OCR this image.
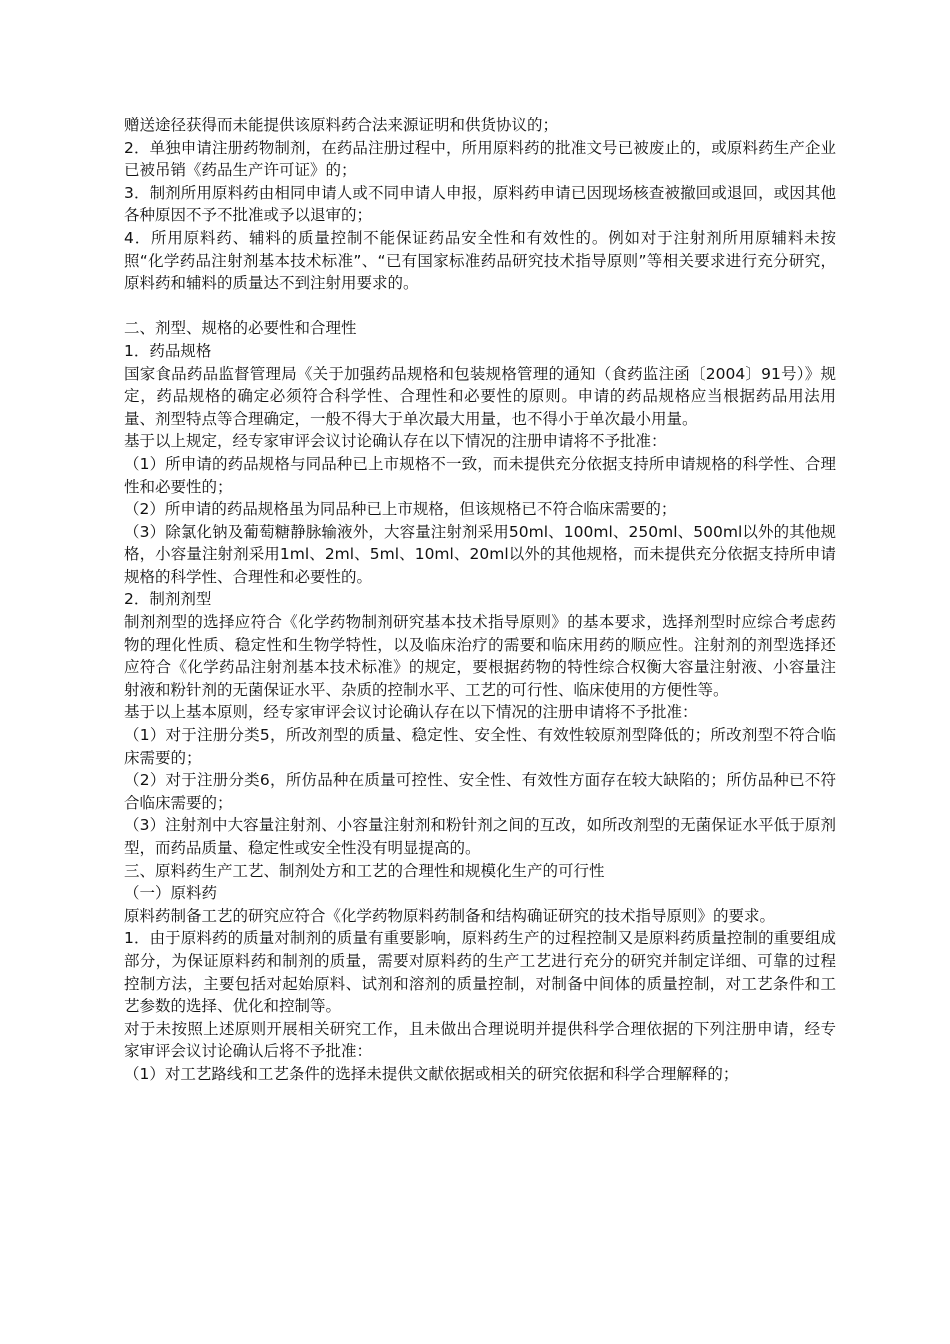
赠送途径获得而未能提供该原料药合法来源证明和供货协议的；

2．单独申请注册药物制剂，在药品注册过程中，所用原料药的批准文号已被废止的，或原料药生产企业已被吊销《药品生产许可证》的；

3．制剂所用原料药由相同申请人或不同申请人申报，原料药申请已因现场核查被撤回或退回，或因其他各种原因不予不批准或予以退审的；

4．所用原料药、辅料的质量控制不能保证药品安全性和有效性的。例如对于注射剂所用原辅料未按照“化学药品注射剂基本技术标准”、“已有国家标准药品研究技术指导原则”等相关要求进行充分研究，原料药和辅料的质量达不到注射用要求的。

二、剂型、规格的必要性和合理性

1．药品规格

国家食品药品监督管理局《关于加强药品规格和包装规格管理的通知（食药监注函〔2004〕91号）》规定，药品规格的确定必须符合科学性、合理性和必要性的原则。申请的药品规格应当根据药品用法用量、剂型特点等合理确定，一般不得大于单次最大用量，也不得小于单次最小用量。

基于以上规定，经专家审评会议讨论确认存在以下情况的注册申请将不予批准：

（1）所申请的药品规格与同品种已上市规格不一致，而未提供充分依据支持所申请规格的科学性、合理性和必要性的；

（2）所申请的药品规格虽为同品种已上市规格，但该规格已不符合临床需要的；

（3）除氯化钠及葡萄糖静脉输液外，大容量注射剂采用50ml、100ml、250ml、500ml以外的其他规格，小容量注射剂采用1ml、2ml、5ml、10ml、20ml以外的其他规格，而未提供充分依据支持所申请规格的科学性、合理性和必要性的。

2．制剂剂型

制剂剂型的选择应符合《化学药物制剂研究基本技术指导原则》的基本要求，选择剂型时应综合考虑药物的理化性质、稳定性和生物学特性，以及临床治疗的需要和临床用药的顺应性。注射剂的剂型选择还应符合《化学药品注射剂基本技术标准》的规定，要根据药物的特性综合权衡大容量注射液、小容量注射液和粉针剂的无菌保证水平、杂质的控制水平、工艺的可行性、临床使用的方便性等。

基于以上基本原则，经专家审评会议讨论确认存在以下情况的注册申请将不予批准：

（1）对于注册分类5，所改剂型的质量、稳定性、安全性、有效性较原剂型降低的；所改剂型不符合临床需要的；

（2）对于注册分类6，所仿品种在质量可控性、安全性、有效性方面存在较大缺陷的；所仿品种已不符合临床需要的；

（3）注射剂中大容量注射剂、小容量注射剂和粉针剂之间的互改，如所改剂型的无菌保证水平低于原剂型，而药品质量、稳定性或安全性没有明显提高的。

三、原料药生产工艺、制剂处方和工艺的合理性和规模化生产的可行性

（一）原料药

原料药制备工艺的研究应符合《化学药物原料药制备和结构确证研究的技术指导原则》的要求。

1．由于原料药的质量对制剂的质量有重要影响，原料药生产的过程控制又是原料药质量控制的重要组成部分，为保证原料药和制剂的质量，需要对原料药的生产工艺进行充分的研究并制定详细、可靠的过程控制方法，主要包括对起始原料、试剂和溶剂的质量控制，对制备中间体的质量控制，对工艺条件和工艺参数的选择、优化和控制等。

对于未按照上述原则开展相关研究工作，且未做出合理说明并提供科学合理依据的下列注册申请，经专家审评会议讨论确认后将不予批准：

（1）对工艺路线和工艺条件的选择未提供文献依据或相关的研究依据和科学合理解释的；
